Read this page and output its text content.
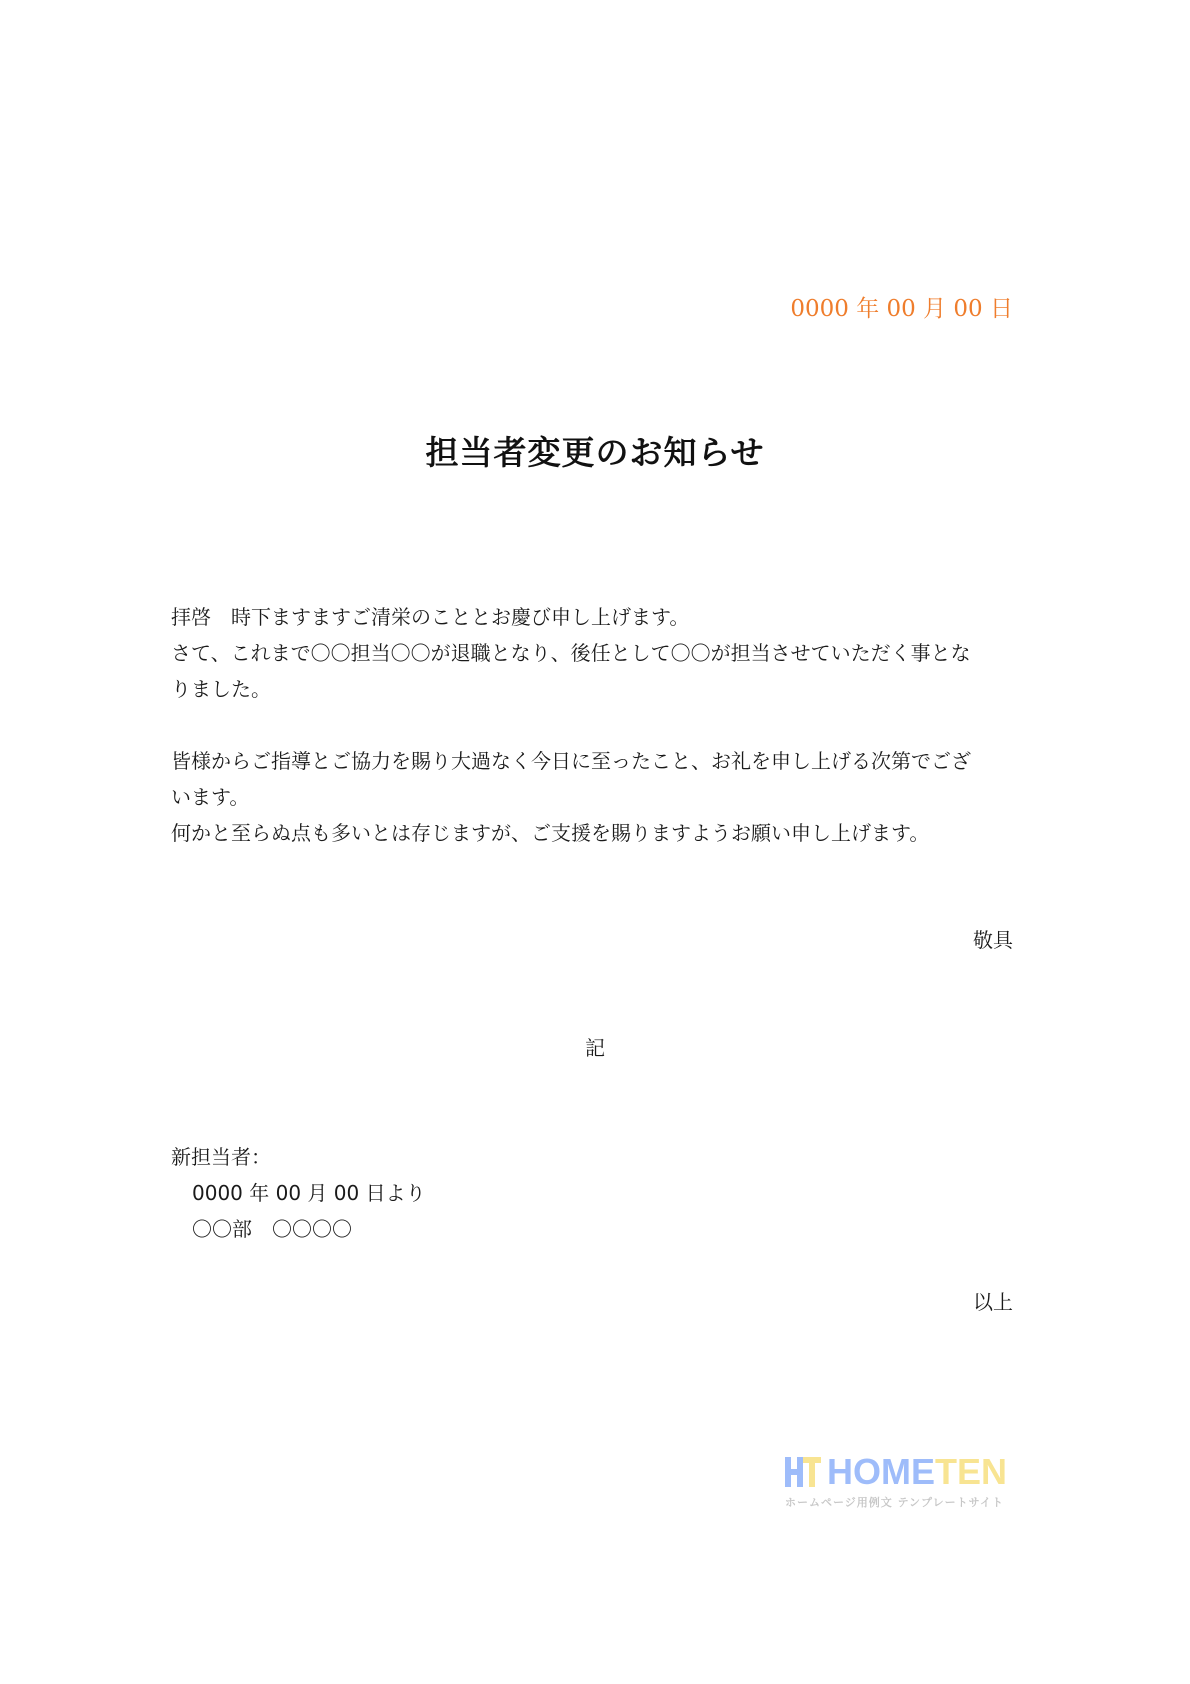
0000 年 00 月 00 日
担当者変更のお知らせ

拝啓　時下ますますご清栄のこととお慶び申し上げます。

さて、これまで〇〇担当〇〇が退職となり、後任として〇〇が担当させていただく事とな

りました。

皆様からご指導とご協力を賜り大過なく今日に至ったこと、お礼を申し上げる次第でござ

います。

何かと至らぬ点も多いとは存じますが、ご支援を賜りますようお願い申し上げます。

敬具
記
新担当者：
0000 年 00 月 00 日より
〇〇部　〇〇〇〇
以上
HOMETEN
ホームページ用例文 テンプレートサイト
